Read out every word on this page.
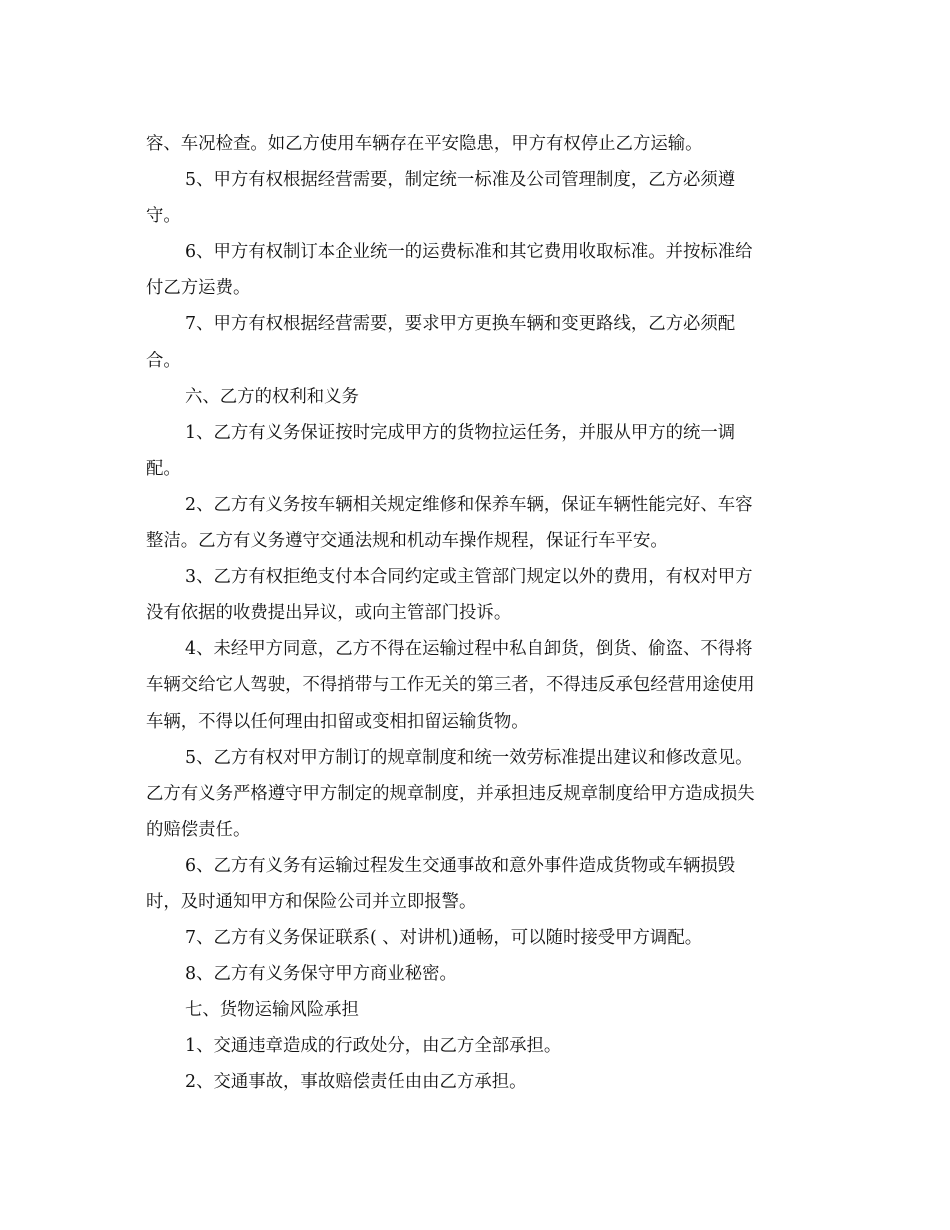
容、车况检查。如乙方使用车辆存在平安隐患，甲方有权停止乙方运输。
5、甲方有权根据经营需要，制定统一标准及公司管理制度，乙方必须遵
守。
6、甲方有权制订本企业统一的运费标准和其它费用收取标准。并按标准给
付乙方运费。
7、甲方有权根据经营需要，要求甲方更换车辆和变更路线，乙方必须配
合。
六、乙方的权利和义务
1、乙方有义务保证按时完成甲方的货物拉运任务，并服从甲方的统一调
配。
2、乙方有义务按车辆相关规定维修和保养车辆，保证车辆性能完好、车容
整洁。乙方有义务遵守交通法规和机动车操作规程，保证行车平安。
3、乙方有权拒绝支付本合同约定或主管部门规定以外的费用，有权对甲方
没有依据的收费提出异议，或向主管部门投诉。
4、未经甲方同意，乙方不得在运输过程中私自卸货，倒货、偷盗、不得将
车辆交给它人驾驶，不得捎带与工作无关的第三者，不得违反承包经营用途使用
车辆，不得以任何理由扣留或变相扣留运输货物。
5、乙方有权对甲方制订的规章制度和统一效劳标准提出建议和修改意见。
乙方有义务严格遵守甲方制定的规章制度，并承担违反规章制度给甲方造成损失
的赔偿责任。
6、乙方有义务有运输过程发生交通事故和意外事件造成货物或车辆损毁
时，及时通知甲方和保险公司并立即报警。
7、乙方有义务保证联系( 、对讲机)通畅，可以随时接受甲方调配。
8、乙方有义务保守甲方商业秘密。
七、货物运输风险承担
1、交通违章造成的行政处分，由乙方全部承担。
2、交通事故，事故赔偿责任由由乙方承担。
